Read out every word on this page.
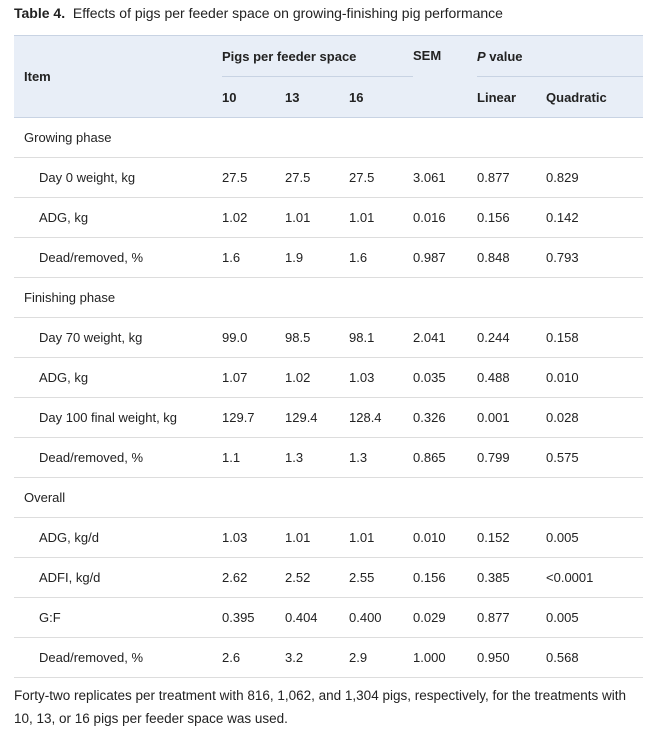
Table 4. Effects of pigs per feeder space on growing-finishing pig performance
Item	Pigs per feeder space			SEM	P value	
	10	13	16		Linear	Quadratic
Growing phase						
Day 0 weight, kg	27.5	27.5	27.5	3.061	0.877	0.829
ADG, kg	1.02	1.01	1.01	0.016	0.156	0.142
Dead/removed, %	1.6	1.9	1.6	0.987	0.848	0.793
Finishing phase						
Day 70 weight, kg	99.0	98.5	98.1	2.041	0.244	0.158
ADG, kg	1.07	1.02	1.03	0.035	0.488	0.010
Day 100 final weight, kg	129.7	129.4	128.4	0.326	0.001	0.028
Dead/removed, %	1.1	1.3	1.3	0.865	0.799	0.575
Overall						
ADG, kg/d	1.03	1.01	1.01	0.010	0.152	0.005
ADFI, kg/d	2.62	2.52	2.55	0.156	0.385	<0.0001
G:F	0.395	0.404	0.400	0.029	0.877	0.005
Dead/removed, %	2.6	3.2	2.9	1.000	0.950	0.568
Forty-two replicates per treatment with 816, 1,062, and 1,304 pigs, respectively, for the treatments with 10, 13, or 16 pigs per feeder space was used.
